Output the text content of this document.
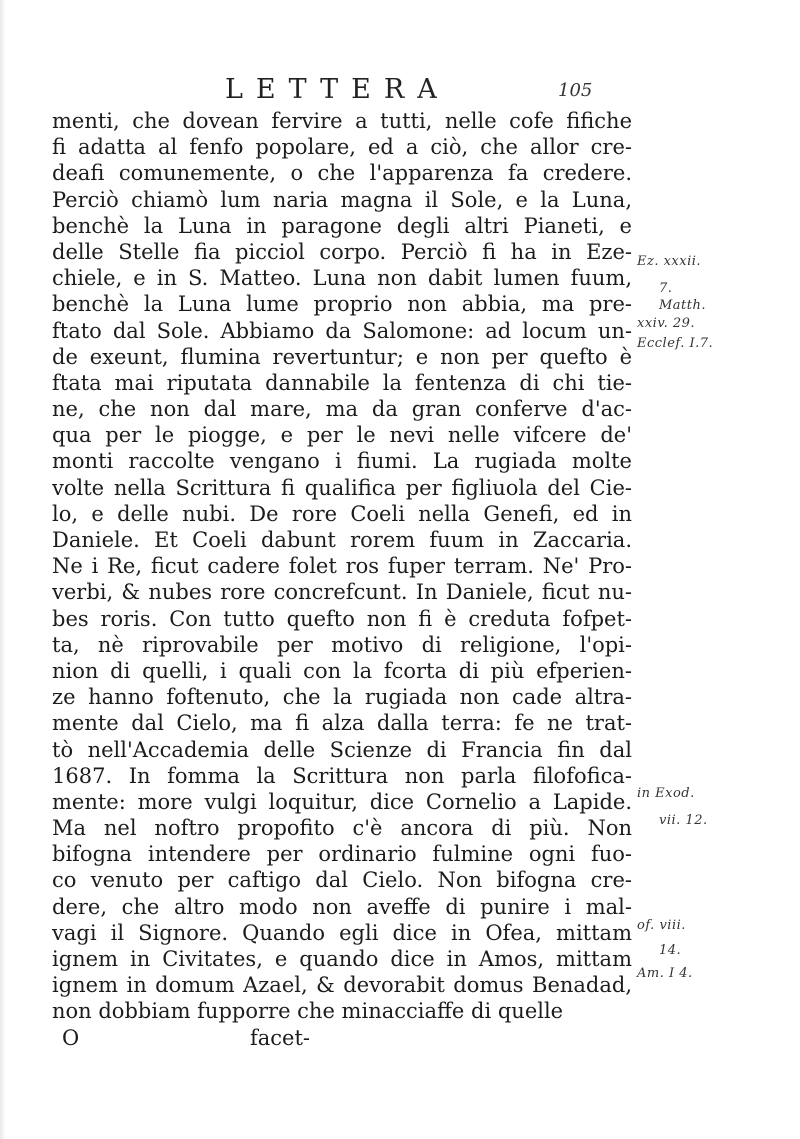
LETTERA	105
menti, che dovean fervire a tutti, nelle cofe fifiche
fi adatta al fenfo popolare, ed a ciò, che allor cre-
deafi comunemente, o che l'apparenza fa credere.
Perciò chiamò lum naria magna il Sole, e la Luna,
benchè la Luna in paragone degli altri Pianeti, e
delle Stelle fia picciol corpo. Perciò fi ha in Eze-
chiele, e in S. Matteo. Luna non dabit lumen fuum,
benchè la Luna lume proprio non abbia, ma pre-
ftato dal Sole. Abbiamo da Salomone: ad locum un-
de exeunt, flumina revertuntur; e non per quefto è
ftata mai riputata dannabile la fentenza di chi tie-
ne, che non dal mare, ma da gran conferve d'ac-
qua per le piogge, e per le nevi nelle vifcere de'
monti raccolte vengano i fiumi. La rugiada molte
volte nella Scrittura fi qualifica per figliuola del Cie-
lo, e delle nubi. De rore Coeli nella Genefi, ed in
Daniele. Et Coeli dabunt rorem fuum in Zaccaria.
Ne i Re, ficut cadere folet ros fuper terram. Ne' Pro-
verbi, & nubes rore concrefcunt. In Daniele, ficut nu-
bes roris. Con tutto quefto non fi è creduta fofpet-
ta, nè riprovabile per motivo di religione, l'opi-
nion di quelli, i quali con la fcorta di più efperien-
ze hanno foftenuto, che la rugiada non cade altra-
mente dal Cielo, ma fi alza dalla terra: fe ne trat-
tò nell'Accademia delle Scienze di Francia fin dal
1687. In fomma la Scrittura non parla filofofica-
mente: more vulgi loquitur, dice Cornelio a Lapide.
Ma nel noftro propofito c'è ancora di più. Non
bifogna intendere per ordinario fulmine ogni fuo-
co venuto per caftigo dal Cielo. Non bifogna cre-
dere, che altro modo non aveffe di punire i mal-
vagi il Signore. Quando egli dice in Ofea, mittam
ignem in Civitates, e quando dice in Amos, mittam
ignem in domum Azael, & devorabit domus Benadad,
non dobbiam fupporre che minacciaffe di quelle
O	facet-
Ez. xxxii.
7.
Matth.
xxiv. 29.
Ecclef. I.7.
in Exod.
vii. 12.
of. viii.
14.
Am. I 4.
